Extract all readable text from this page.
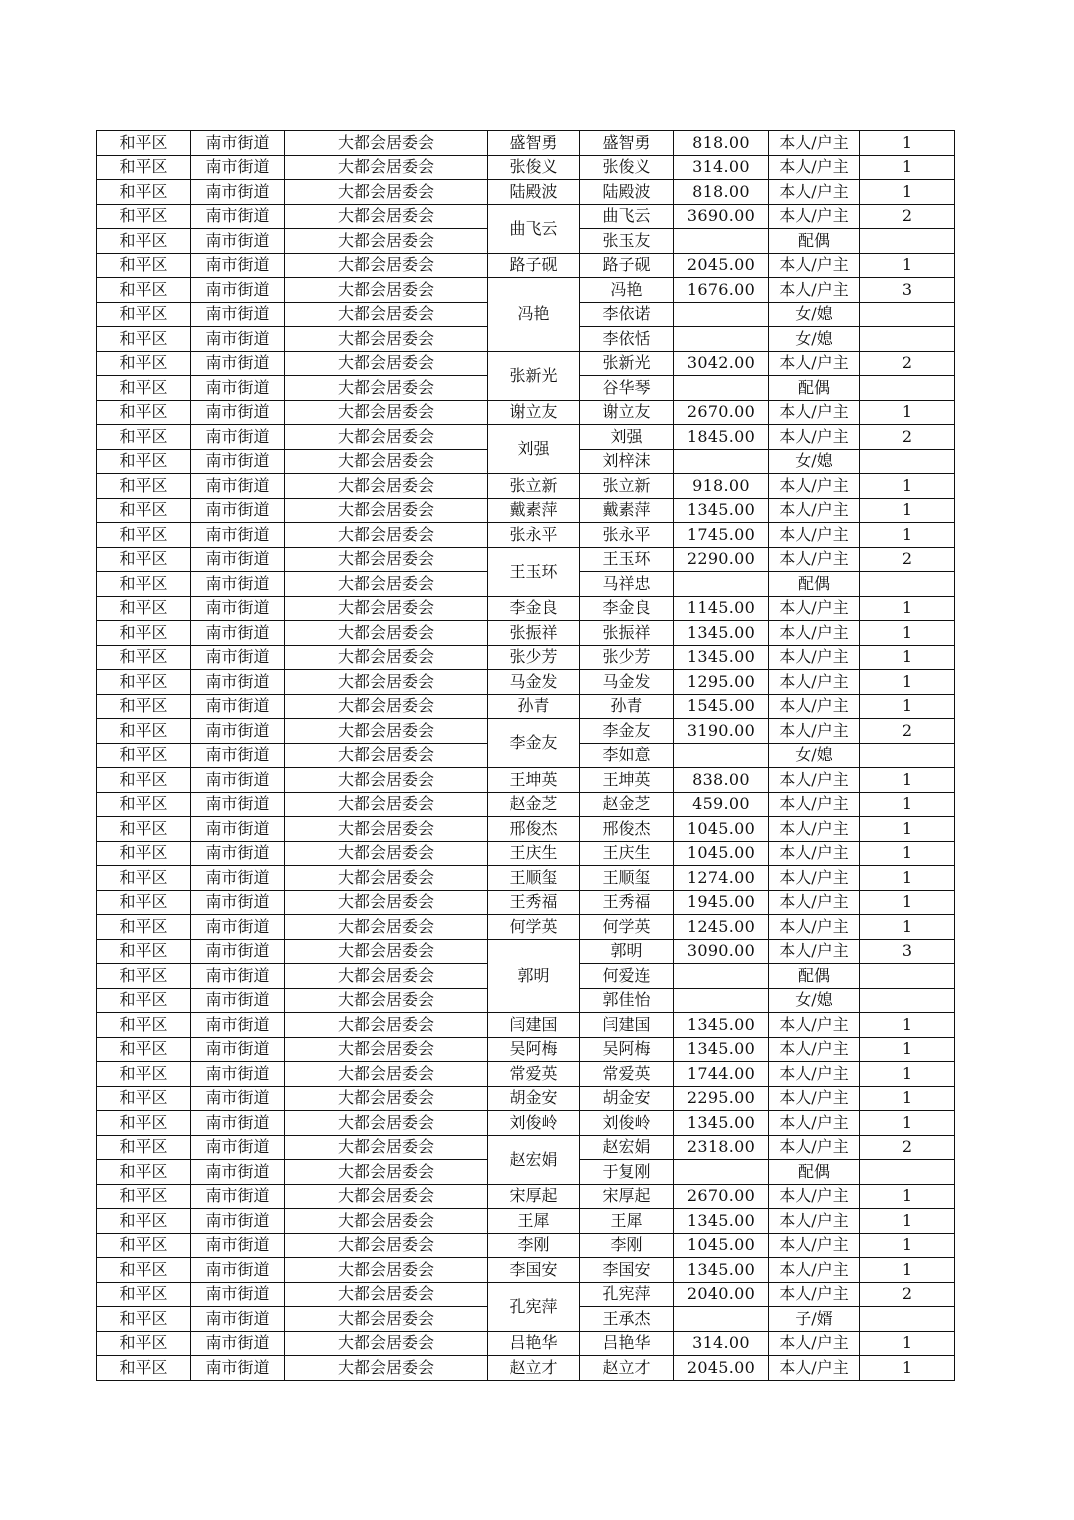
和平区	南市街道	大都会居委会	盛智勇	盛智勇	818.00	本人/户主	1
和平区	南市街道	大都会居委会	张俊义	张俊义	314.00	本人/户主	1
和平区	南市街道	大都会居委会	陆殿波	陆殿波	818.00	本人/户主	1
和平区	南市街道	大都会居委会	曲飞云	曲飞云	3690.00	本人/户主	2
和平区	南市街道	大都会居委会		张玉友		配偶	
和平区	南市街道	大都会居委会	路子砚	路子砚	2045.00	本人/户主	1
和平区	南市街道	大都会居委会	冯艳	冯艳	1676.00	本人/户主	3
和平区	南市街道	大都会居委会		李依诺		女/媳	
和平区	南市街道	大都会居委会		李依恬		女/媳	
和平区	南市街道	大都会居委会	张新光	张新光	3042.00	本人/户主	2
和平区	南市街道	大都会居委会		谷华琴		配偶	
和平区	南市街道	大都会居委会	谢立友	谢立友	2670.00	本人/户主	1
和平区	南市街道	大都会居委会	刘强	刘强	1845.00	本人/户主	2
和平区	南市街道	大都会居委会		刘梓沫		女/媳	
和平区	南市街道	大都会居委会	张立新	张立新	918.00	本人/户主	1
和平区	南市街道	大都会居委会	戴素萍	戴素萍	1345.00	本人/户主	1
和平区	南市街道	大都会居委会	张永平	张永平	1745.00	本人/户主	1
和平区	南市街道	大都会居委会	王玉环	王玉环	2290.00	本人/户主	2
和平区	南市街道	大都会居委会		马祥忠		配偶	
和平区	南市街道	大都会居委会	李金良	李金良	1145.00	本人/户主	1
和平区	南市街道	大都会居委会	张振祥	张振祥	1345.00	本人/户主	1
和平区	南市街道	大都会居委会	张少芳	张少芳	1345.00	本人/户主	1
和平区	南市街道	大都会居委会	马金发	马金发	1295.00	本人/户主	1
和平区	南市街道	大都会居委会	孙青	孙青	1545.00	本人/户主	1
和平区	南市街道	大都会居委会	李金友	李金友	3190.00	本人/户主	2
和平区	南市街道	大都会居委会		李如意		女/媳	
和平区	南市街道	大都会居委会	王坤英	王坤英	838.00	本人/户主	1
和平区	南市街道	大都会居委会	赵金芝	赵金芝	459.00	本人/户主	1
和平区	南市街道	大都会居委会	邢俊杰	邢俊杰	1045.00	本人/户主	1
和平区	南市街道	大都会居委会	王庆生	王庆生	1045.00	本人/户主	1
和平区	南市街道	大都会居委会	王顺玺	王顺玺	1274.00	本人/户主	1
和平区	南市街道	大都会居委会	王秀福	王秀福	1945.00	本人/户主	1
和平区	南市街道	大都会居委会	何学英	何学英	1245.00	本人/户主	1
和平区	南市街道	大都会居委会	郭明	郭明	3090.00	本人/户主	3
和平区	南市街道	大都会居委会		何爱连		配偶	
和平区	南市街道	大都会居委会		郭佳怡		女/媳	
和平区	南市街道	大都会居委会	闫建国	闫建国	1345.00	本人/户主	1
和平区	南市街道	大都会居委会	吴阿梅	吴阿梅	1345.00	本人/户主	1
和平区	南市街道	大都会居委会	常爱英	常爱英	1744.00	本人/户主	1
和平区	南市街道	大都会居委会	胡金安	胡金安	2295.00	本人/户主	1
和平区	南市街道	大都会居委会	刘俊岭	刘俊岭	1345.00	本人/户主	1
和平区	南市街道	大都会居委会	赵宏娟	赵宏娟	2318.00	本人/户主	2
和平区	南市街道	大都会居委会		于复刚		配偶	
和平区	南市街道	大都会居委会	宋厚起	宋厚起	2670.00	本人/户主	1
和平区	南市街道	大都会居委会	王犀	王犀	1345.00	本人/户主	1
和平区	南市街道	大都会居委会	李刚	李刚	1045.00	本人/户主	1
和平区	南市街道	大都会居委会	李国安	李国安	1345.00	本人/户主	1
和平区	南市街道	大都会居委会	孔宪萍	孔宪萍	2040.00	本人/户主	2
和平区	南市街道	大都会居委会		王承杰		子/婿	
和平区	南市街道	大都会居委会	吕艳华	吕艳华	314.00	本人/户主	1
和平区	南市街道	大都会居委会	赵立才	赵立才	2045.00	本人/户主	1
